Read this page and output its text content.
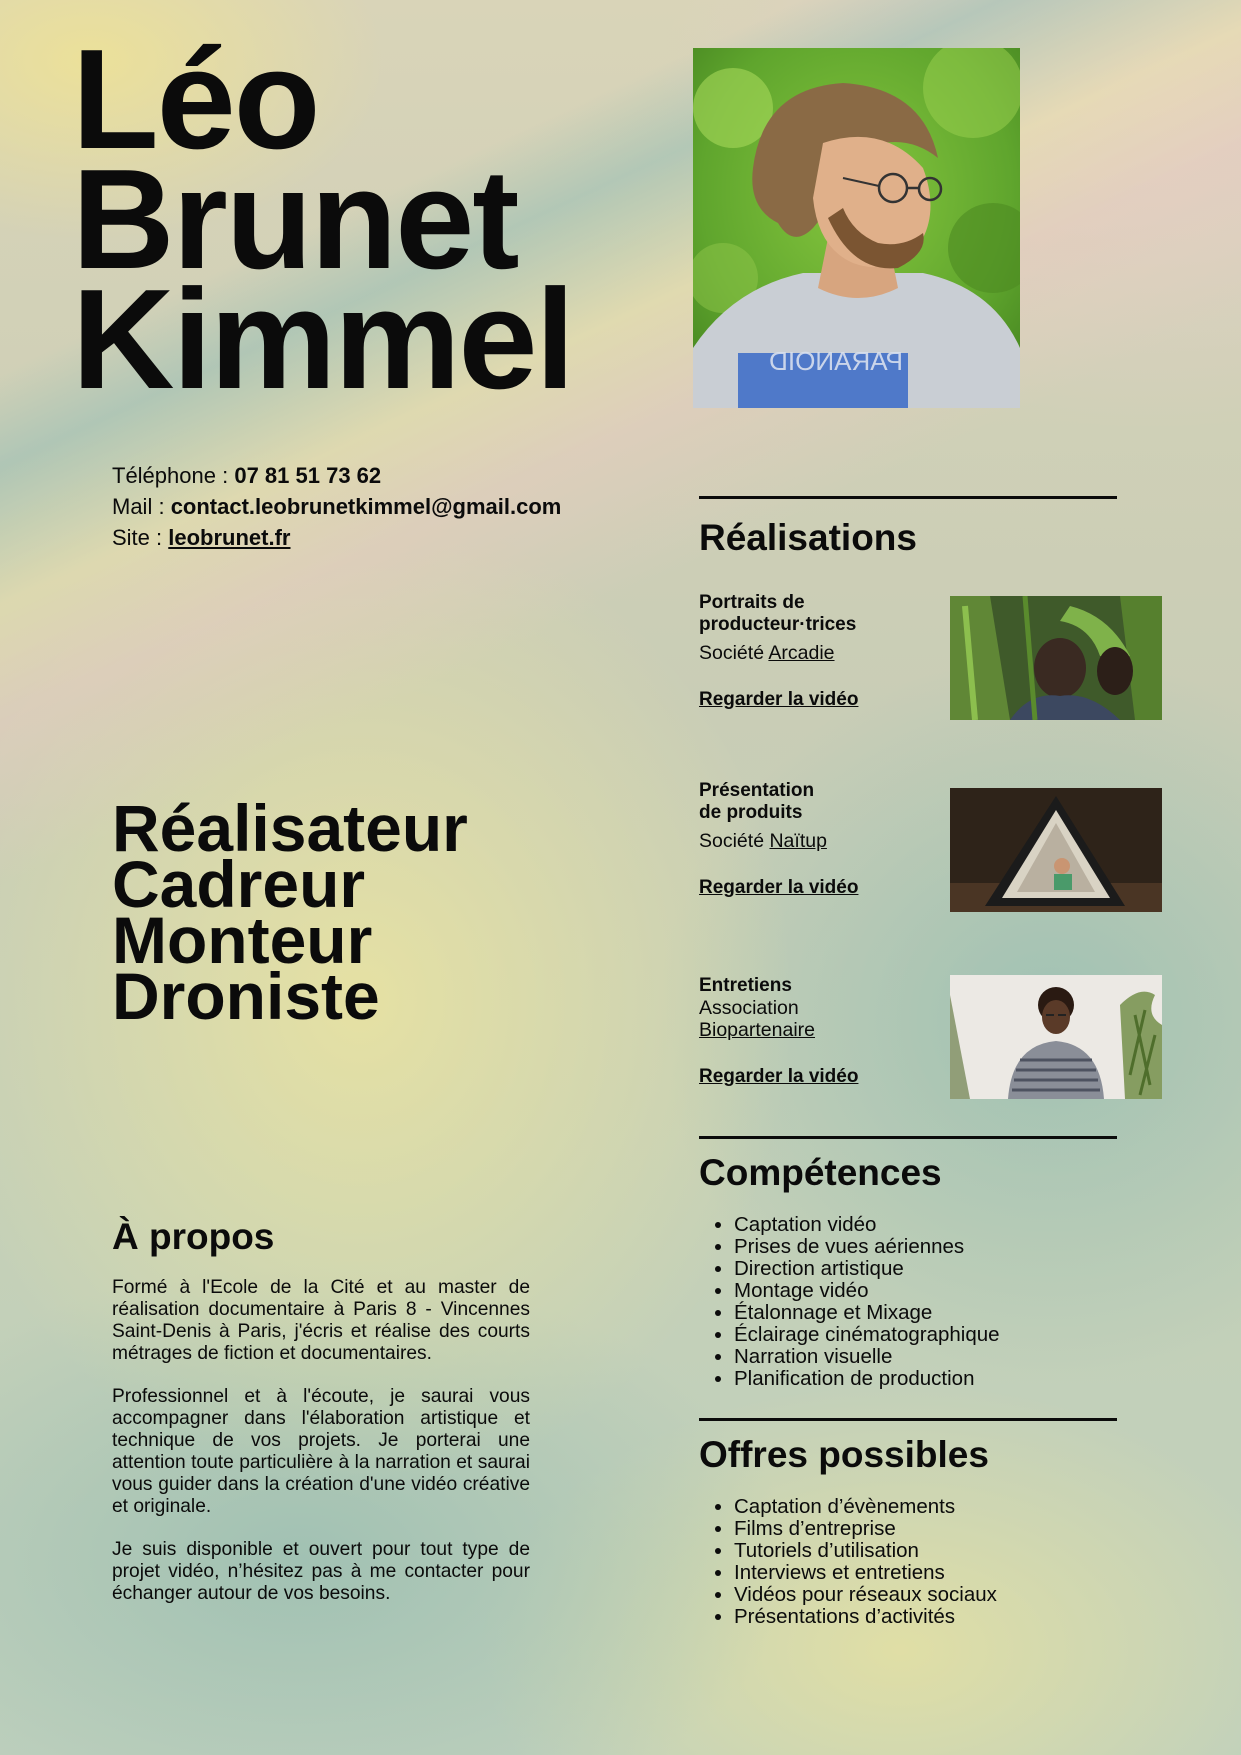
Léo
Brunet
Kimmel	PARANOID
Téléphone : 07 81 51 73 62
Mail : contact.leobrunetkimmel@gmail.com
Site : leobrunet.fr
Réalisateur
Cadreur
Monteur
Droniste
À propos

Formé à l'Ecole de la Cité et au master de réalisation documentaire à Paris 8 - Vincennes Saint-Denis à Paris, j'écris et réalise des courts métrages de fiction et documentaires.

Professionnel et à l'écoute, je saurai vous accompagner dans l'élaboration artistique et technique de vos projets. Je porterai une attention toute particulière à la narration et saurai vous guider dans la création d'une vidéo créative et originale.

Je suis disponible et ouvert pour tout type de projet vidéo, n’hésitez pas à me contacter pour échanger autour de vos besoins.

Réalisations
Portraits de
producteur·trices
Société Arcadie
Regarder la vidéo
Présentation
de produits
Société Naïtup
Regarder la vidéo
Entretiens
Association
Biopartenaire
Regarder la vidéo
Compétences
• Captation vidéo
• Prises de vues aériennes
• Direction artistique
• Montage vidéo
• Étalonnage et Mixage
• Éclairage cinématographique
• Narration visuelle
• Planification de production
Offres possibles
• Captation d’évènements
• Films d’entreprise
• Tutoriels d’utilisation
• Interviews et entretiens
• Vidéos pour réseaux sociaux
• Présentations d’activités
